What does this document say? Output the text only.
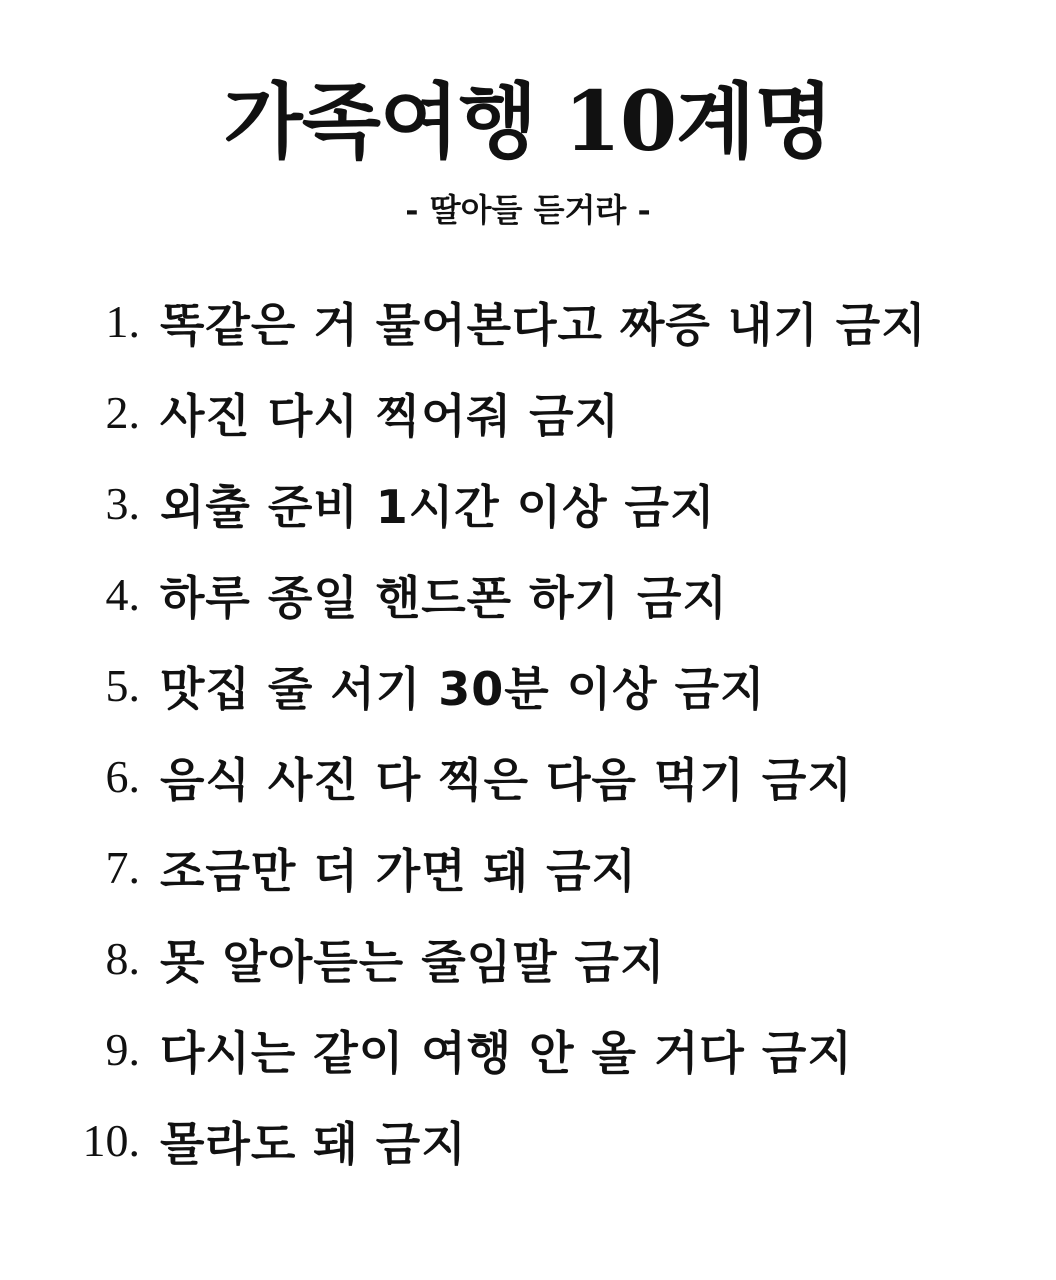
가족여행 10계명

- 딸아들 듣거라 -

1. 똑같은 거 물어본다고 짜증 내기 금지
2. 사진 다시 찍어줘 금지
3. 외출 준비 1시간 이상 금지
4. 하루 종일 핸드폰 하기 금지
5. 맛집 줄 서기 30분 이상 금지
6. 음식 사진 다 찍은 다음 먹기 금지
7. 조금만 더 가면 돼 금지
8. 못 알아듣는 줄임말 금지
9. 다시는 같이 여행 안 올 거다 금지
10. 몰라도 돼 금지
